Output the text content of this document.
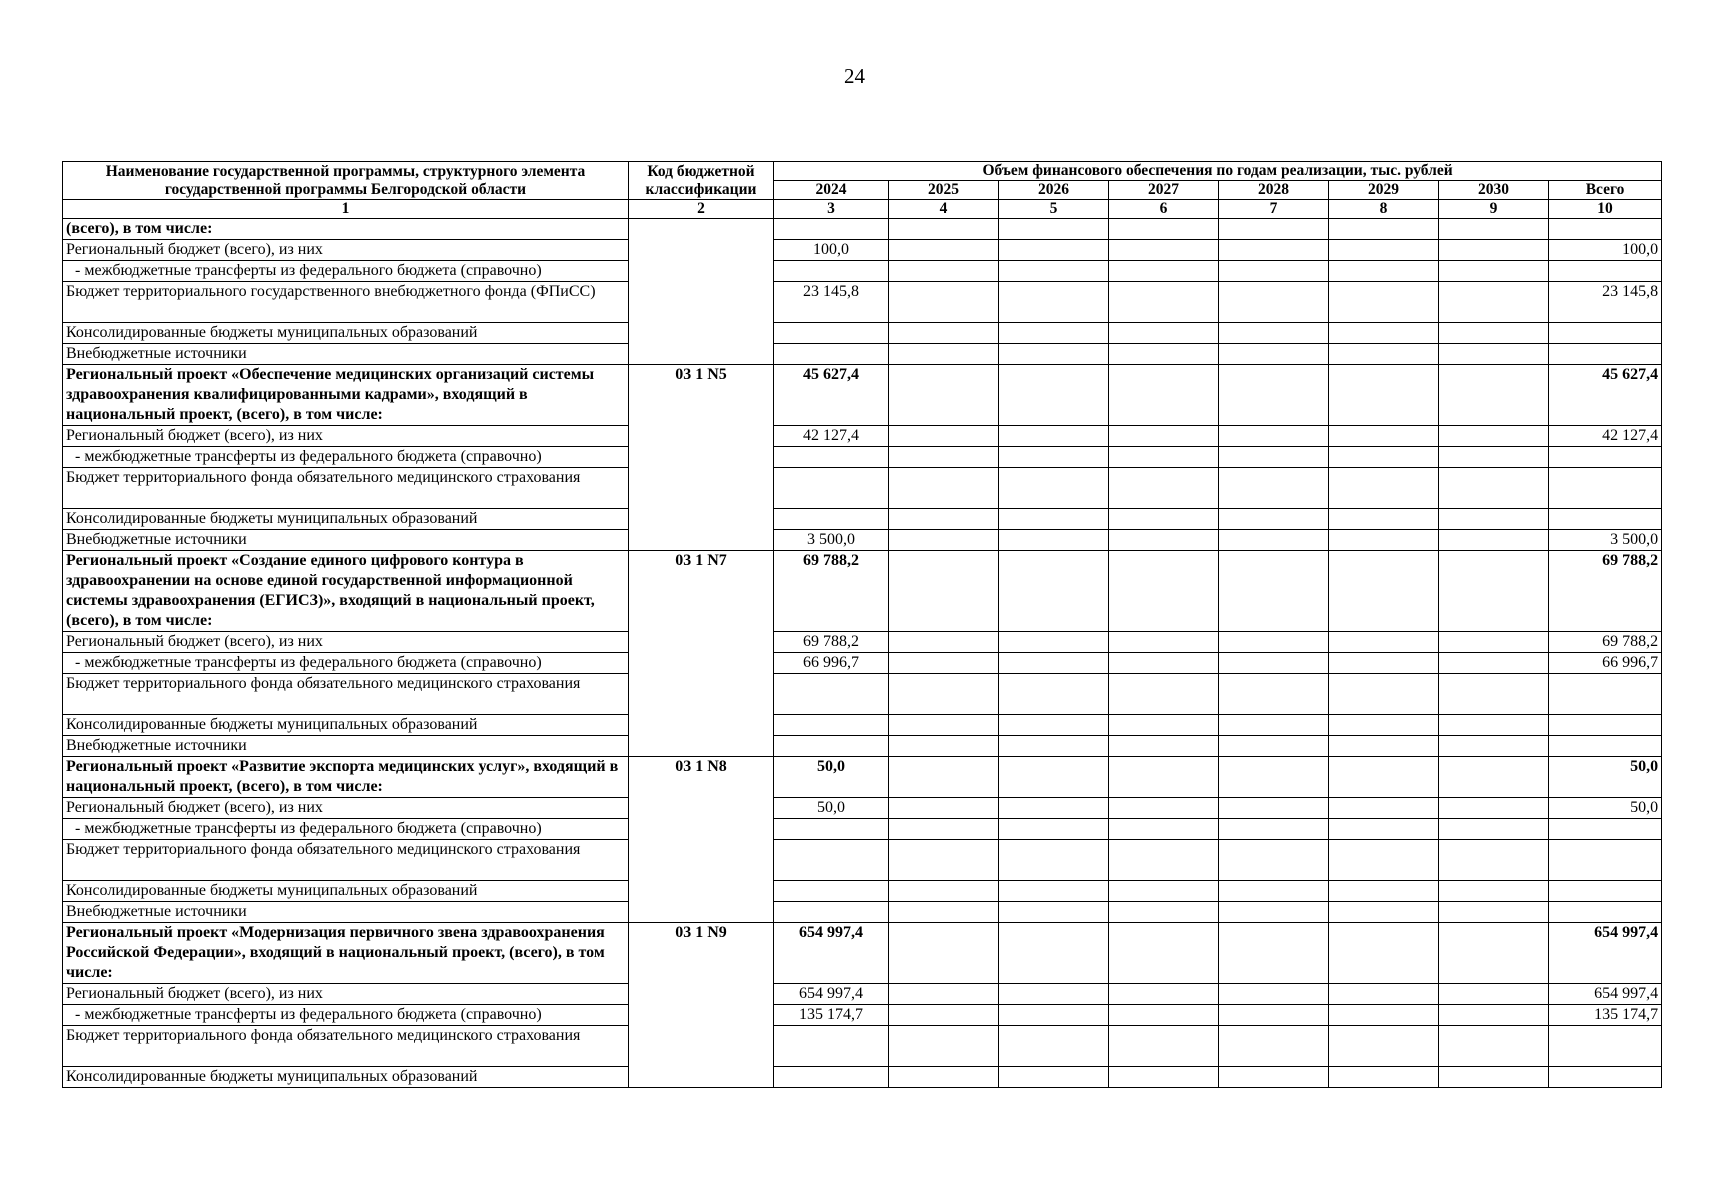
24
Наименование государственной программы, структурного элемента государственной программы Белгородской области	Код бюджетной классификации	Объем финансового обеспечения по годам реализации, тыс. рублей							
		2024	2025	2026	2027	2028	2029	2030	Всего
1	2	3	4	5	6	7	8	9	10
(всего), в том числе:									
Региональный бюджет (всего), из них		100,0							100,0
- межбюджетные трансферты из федерального бюджета (справочно)									
Бюджет территориального государственного внебюджетного фонда (ФПиСС)		23 145,8							23 145,8
Консолидированные бюджеты муниципальных образований									
Внебюджетные источники									
Региональный проект «Обеспечение медицинских организаций системы здравоохранения квалифицированными кадрами», входящий в национальный проект, (всего), в том числе:	03 1 N5	45 627,4							45 627,4
Региональный бюджет (всего), из них		42 127,4							42 127,4
- межбюджетные трансферты из федерального бюджета (справочно)									
Бюджет территориального фонда обязательного медицинского страхования									
Консолидированные бюджеты муниципальных образований									
Внебюджетные источники		3 500,0							3 500,0
Региональный проект «Создание единого цифрового контура в здравоохранении на основе единой государственной информационной системы здравоохранения (ЕГИСЗ)», входящий в национальный проект, (всего), в том числе:	03 1 N7	69 788,2							69 788,2
Региональный бюджет (всего), из них		69 788,2							69 788,2
- межбюджетные трансферты из федерального бюджета (справочно)		66 996,7							66 996,7
Бюджет территориального фонда обязательного медицинского страхования									
Консолидированные бюджеты муниципальных образований									
Внебюджетные источники									
Региональный проект «Развитие экспорта медицинских услуг», входящий в национальный проект, (всего), в том числе:	03 1 N8	50,0							50,0
Региональный бюджет (всего), из них		50,0							50,0
- межбюджетные трансферты из федерального бюджета (справочно)									
Бюджет территориального фонда обязательного медицинского страхования									
Консолидированные бюджеты муниципальных образований									
Внебюджетные источники									
Региональный проект «Модернизация первичного звена здравоохранения Российской Федерации», входящий в национальный проект, (всего), в том числе:	03 1 N9	654 997,4							654 997,4
Региональный бюджет (всего), из них		654 997,4							654 997,4
- межбюджетные трансферты из федерального бюджета (справочно)		135 174,7							135 174,7
Бюджет территориального фонда обязательного медицинского страхования									
Консолидированные бюджеты муниципальных образований									
